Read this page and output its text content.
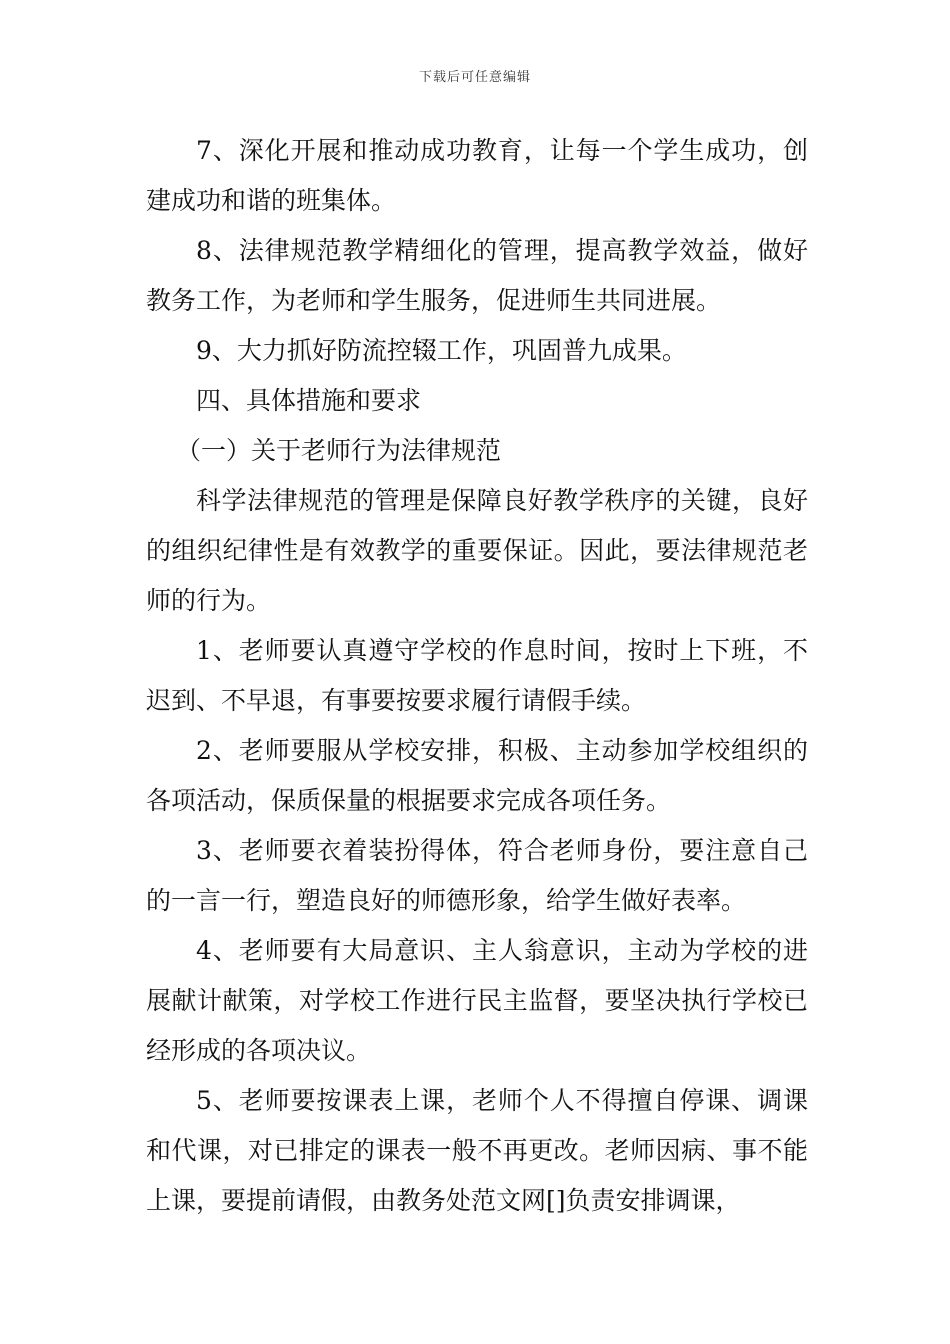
下载后可任意编辑

7、深化开展和推动成功教育，让每一个学生成功，创建成功和谐的班集体。

8、法律规范教学精细化的管理，提高教学效益，做好教务工作，为老师和学生服务，促进师生共同进展。

9、大力抓好防流控辍工作，巩固普九成果。

四、具体措施和要求

（一）关于老师行为法律规范

科学法律规范的管理是保障良好教学秩序的关键，良好的组织纪律性是有效教学的重要保证。因此，要法律规范老师的行为。

1、老师要认真遵守学校的作息时间，按时上下班，不迟到、不早退，有事要按要求履行请假手续。

2、老师要服从学校安排，积极、主动参加学校组织的各项活动，保质保量的根据要求完成各项任务。

3、老师要衣着装扮得体，符合老师身份，要注意自己的一言一行，塑造良好的师德形象，给学生做好表率。

4、老师要有大局意识、主人翁意识，主动为学校的进展献计献策，对学校工作进行民主监督，要坚决执行学校已经形成的各项决议。

5、老师要按课表上课，老师个人不得擅自停课、调课和代课，对已排定的课表一般不再更改。老师因病、事不能上课，要提前请假，由教务处范文网[]负责安排调课，
